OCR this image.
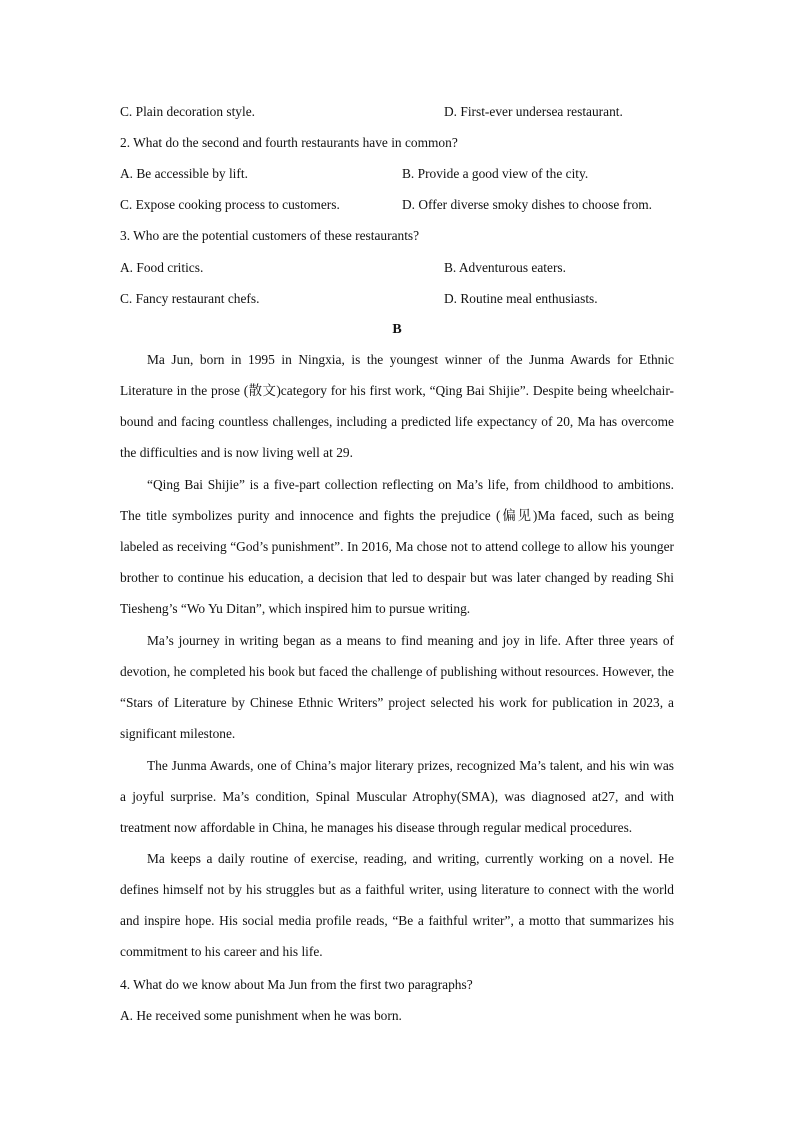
C. Plain decoration style.	D. First-ever undersea restaurant.
2. What do the second and fourth restaurants have in common?
A. Be accessible by lift.	B. Provide a good view of the city.
C. Expose cooking process to customers.	D. Offer diverse smoky dishes to choose from.
3. Who are the potential customers of these restaurants?
A. Food critics.	B. Adventurous eaters.
C. Fancy restaurant chefs.	D. Routine meal enthusiasts.
B

Ma Jun, born in 1995 in Ningxia, is the youngest winner of the Junma Awards for Ethnic Literature in the prose (散文)category for his first work, “Qing Bai Shijie”. Despite being wheelchair-bound and facing countless challenges, including a predicted life expectancy of 20, Ma has overcome the difficulties and is now living well at 29.

“Qing Bai Shijie” is a five-part collection reflecting on Ma’s life, from childhood to ambitions. The title symbolizes purity and innocence and fights the prejudice (偏见)Ma faced, such as being labeled as receiving “God’s punishment”. In 2016, Ma chose not to attend college to allow his younger brother to continue his education, a decision that led to despair but was later changed by reading Shi Tiesheng’s “Wo Yu Ditan”, which inspired him to pursue writing.

Ma’s journey in writing began as a means to find meaning and joy in life. After three years of devotion, he completed his book but faced the challenge of publishing without resources. However, the “Stars of Literature by Chinese Ethnic Writers” project selected his work for publication in 2023, a significant milestone.

The Junma Awards, one of China’s major literary prizes, recognized Ma’s talent, and his win was a joyful surprise. Ma’s condition, Spinal Muscular Atrophy(SMA), was diagnosed at27, and with treatment now affordable in China, he manages his disease through regular medical procedures.

Ma keeps a daily routine of exercise, reading, and writing, currently working on a novel. He defines himself not by his struggles but as a faithful writer, using literature to connect with the world and inspire hope. His social media profile reads, “Be a faithful writer”, a motto that summarizes his commitment to his career and his life.

4. What do we know about Ma Jun from the first two paragraphs?
A. He received some punishment when he was born.
